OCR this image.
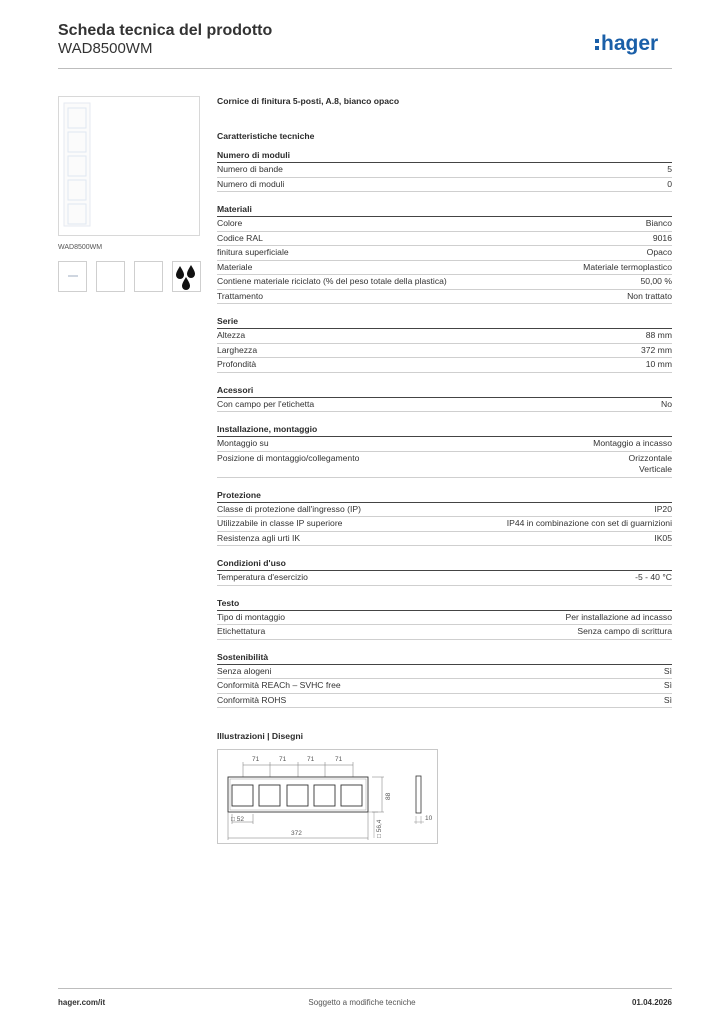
Scheda tecnica del prodotto
WAD8500WM	hager
WAD8500WM
Cornice di finitura 5-posti, A.8, bianco opaco
Caratteristiche tecniche
Numero di moduli
Numero di bande	5
Numero di moduli	0
Materiali
Colore	Bianco
Codice RAL	9016
finitura superficiale	Opaco
Materiale	Materiale termoplastico
Contiene materiale riciclato (% del peso totale della plastica)	50,00 %
Trattamento	Non trattato
Serie
Altezza	88 mm
Larghezza	372 mm
Profondità	10 mm
Acessori
Con campo per l'etichetta	No
Installazione, montaggio
Montaggio su	Montaggio a incasso
Posizione di montaggio/collegamento	Orizzontale
Verticale
Protezione
Classe di protezione dall'ingresso (IP)	IP20
Utilizzabile in classe IP superiore	IP44 in combinazione con set di guarnizioni
Resistenza agli urti IK	IK05
Condizioni d'uso
Temperatura d'esercizio	-5 - 40 °C
Testo
Tipo di montaggio	Per installazione ad incasso
Etichettatura	Senza campo di scrittura
Sostenibilità
Senza alogeni	Sì
Conformità REACh – SVHC free	Sì
Conformità ROHS	Sì
Illustrazioni | Disegni
71	71	71	71
□ 52
372
88
□ 56,4
10
hager.com/it	Soggetto a modifiche tecniche	01.04.2026
